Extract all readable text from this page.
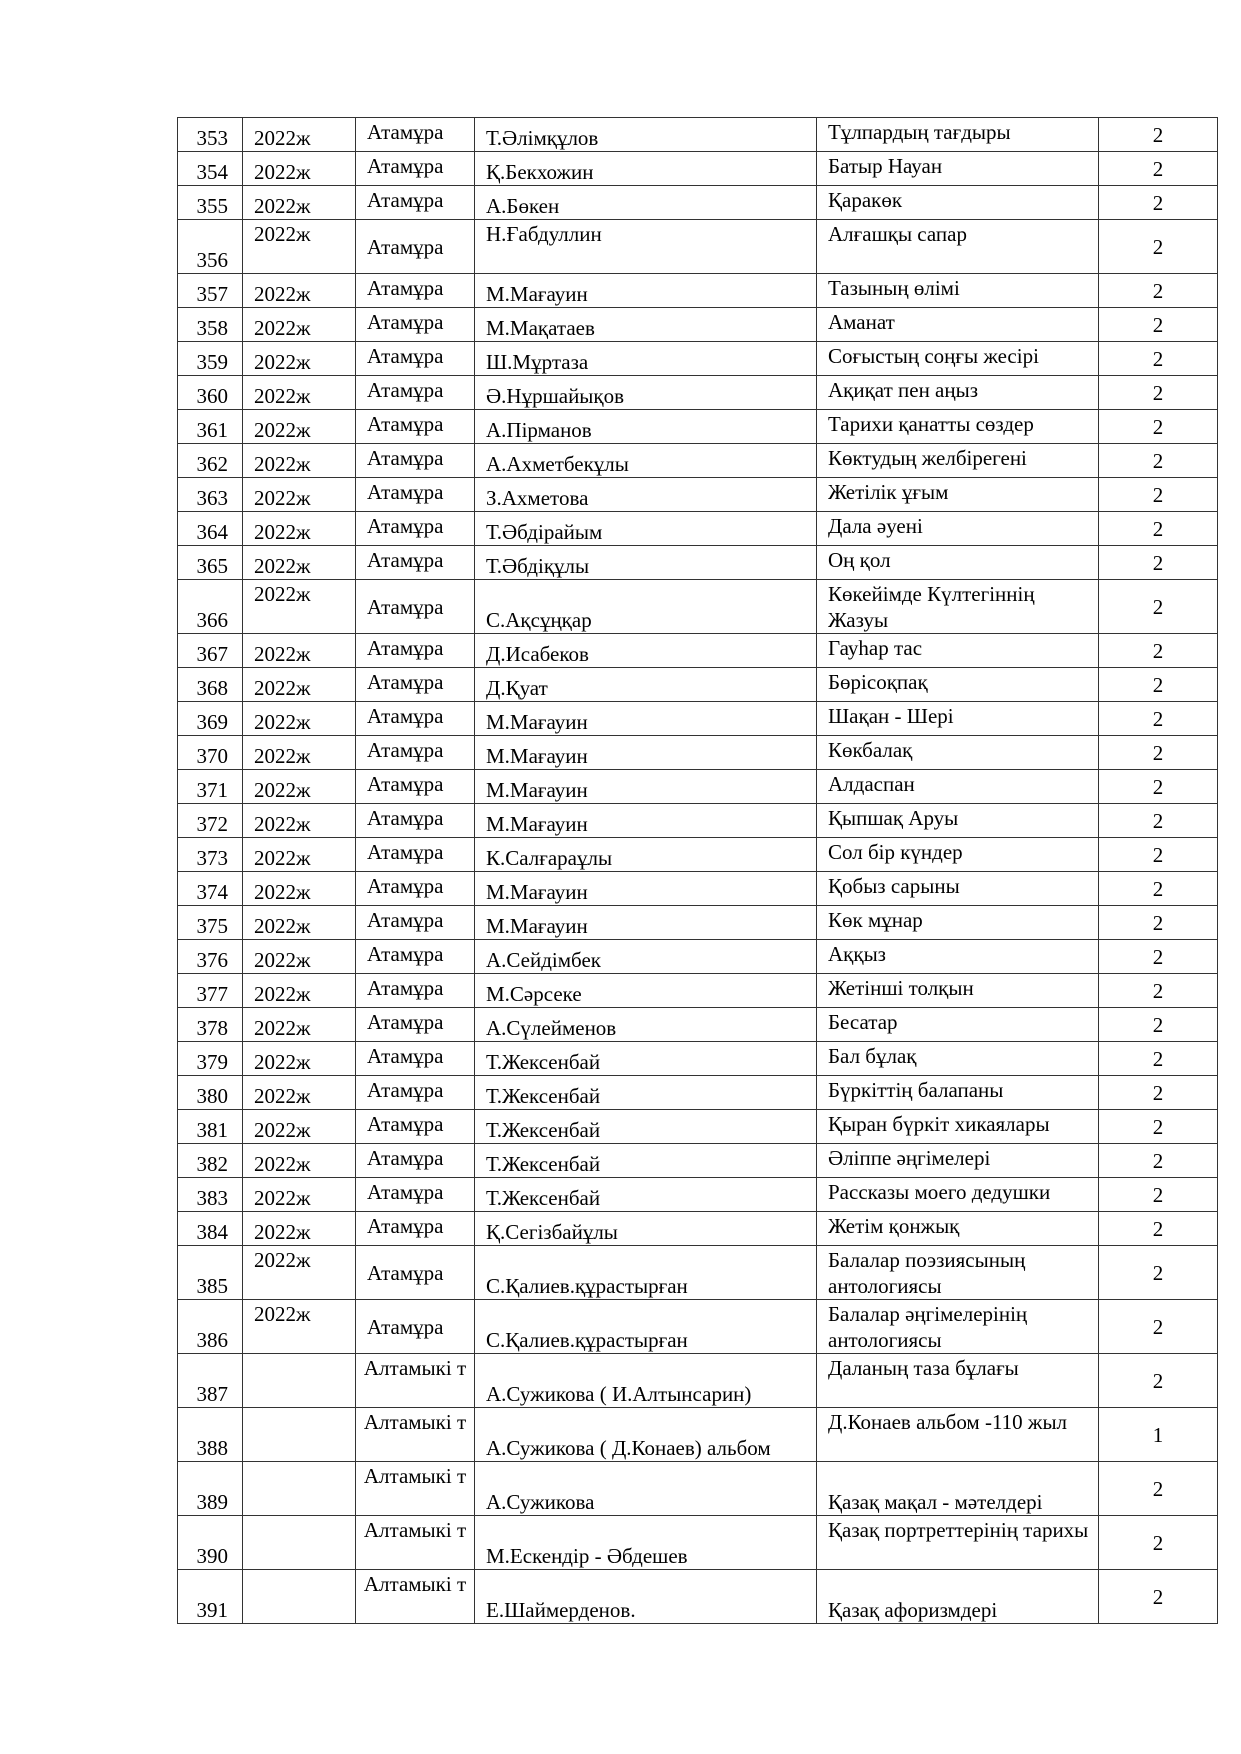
353	2022ж	Атамұра	Т.Әлімқұлов	Тұлпардың тағдыры	2

354	2022ж	Атамұра	Қ.Бекхожин	Батыр Науан	2

355	2022ж	Атамұра	А.Бөкен	Қаракөк	2

356	2022ж	Атамұра	Н.Ғабдуллин	Алғашқы сапар	2

357	2022ж	Атамұра	М.Мағауин	Тазының өлімі	2

358	2022ж	Атамұра	М.Мақатаев	Аманат	2

359	2022ж	Атамұра	Ш.Мұртаза	Соғыстың соңғы жесірі	2

360	2022ж	Атамұра	Ә.Нұршайықов	Ақиқат пен аңыз	2

361	2022ж	Атамұра	А.Пірманов	Тарихи қанатты сөздер	2

362	2022ж	Атамұра	А.Ахметбекұлы	Көктудың желбірегені	2

363	2022ж	Атамұра	З.Ахметова	Жетілік ұғым	2

364	2022ж	Атамұра	Т.Әбдірайым	Дала әуені	2

365	2022ж	Атамұра	Т.Әбдіқұлы	Оң қол	2

366	2022ж	Атамұра	С.Ақсұңқар	Көкейімде Күлтегіннің Жазуы	2

367	2022ж	Атамұра	Д.Исабеков	Гауһар тас	2

368	2022ж	Атамұра	Д.Қуат	Бөрісоқпақ	2

369	2022ж	Атамұра	М.Мағауин	Шақан - Шері	2

370	2022ж	Атамұра	М.Мағауин	Көкбалақ	2

371	2022ж	Атамұра	М.Мағауин	Алдаспан	2

372	2022ж	Атамұра	М.Мағауин	Қыпшақ Аруы	2

373	2022ж	Атамұра	К.Салғараұлы	Сол бір күндер	2

374	2022ж	Атамұра	М.Мағауин	Қобыз сарыны	2

375	2022ж	Атамұра	М.Мағауин	Көк мұнар	2

376	2022ж	Атамұра	А.Сейдімбек	Аққыз	2

377	2022ж	Атамұра	М.Сәрсеке	Жетінші толқын	2

378	2022ж	Атамұра	А.Сүлейменов	Бесатар	2

379	2022ж	Атамұра	Т.Жексенбай	Бал бұлақ	2

380	2022ж	Атамұра	Т.Жексенбай	Бүркіттің балапаны	2

381	2022ж	Атамұра	Т.Жексенбай	Қыран бүркіт хикаялары	2

382	2022ж	Атамұра	Т.Жексенбай	Әліппе әңгімелері	2

383	2022ж	Атамұра	Т.Жексенбай	Рассказы моего дедушки	2

384	2022ж	Атамұра	Қ.Сегізбайұлы	Жетім қонжық	2

385	2022ж	Атамұра	С.Қалиев.құрастырған	Балалар поэзиясының антологиясы	2

386	2022ж	Атамұра	С.Қалиев.құрастырған	Балалар әңгімелерінің антологиясы	2

387		Алтамыкі т	А.Сужикова ( И.Алтынсарин)	Даланың таза бұлағы	2

388		Алтамыкі т	А.Сужикова ( Д.Конаев) альбом	Д.Конаев альбом -110 жыл	1

389		Алтамыкі т	А.Сужикова	Қазақ мақал - мәтелдері	2

390		Алтамыкі т	М.Ескендір - Әбдешев	Қазақ портреттерінің тарихы	2

391		Алтамыкі т	Е.Шаймерденов.	Қазақ афоризмдері	2
